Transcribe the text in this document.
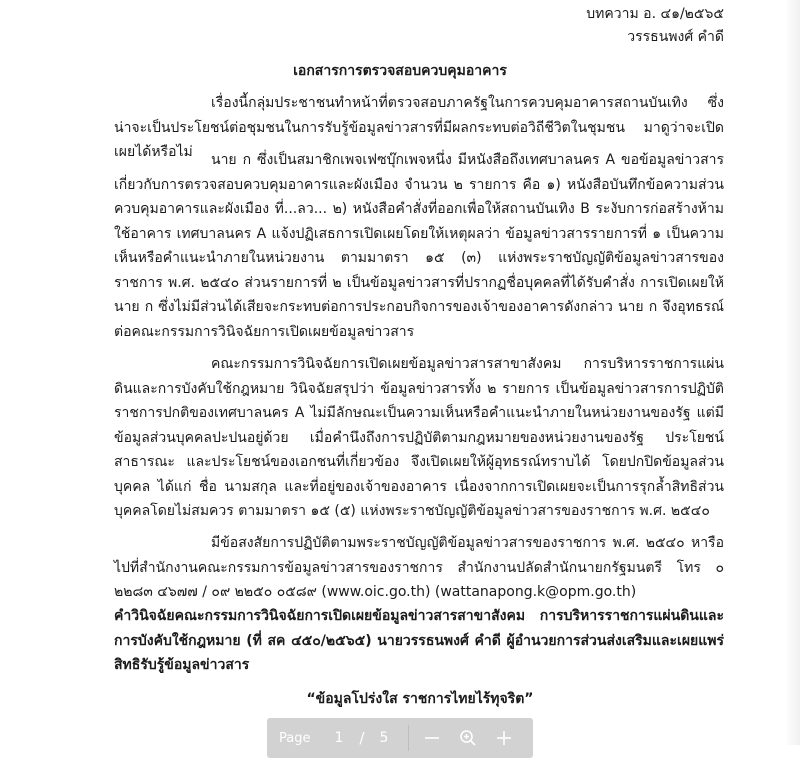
บทความ อ. ๔๑/๒๕๖๕
วรรธนพงศ์ คำดี
เอกสารการตรวจสอบควบคุมอาคาร
เรื่องนี้กลุ่มประชาชนทำหน้าที่ตรวจสอบภาครัฐในการควบคุมอาคารสถานบันเทิง ซึ่งน่าจะเป็นประโยชน์ต่อชุมชนในการรับรู้ข้อมูลข่าวสารที่มีผลกระทบต่อวิถีชีวิตในชุมชน มาดูว่าจะเปิดเผยได้หรือไม่	นาย ก ซึ่งเป็นสมาชิกเพจเฟซบุ๊กเพจหนึ่ง มีหนังสือถึงเทศบาลนคร A ขอข้อมูลข่าวสารเกี่ยวกับการตรวจสอบควบคุมอาคารและผังเมือง จำนวน ๒ รายการ คือ ๑) หนังสือบันทึกข้อความส่วนควบคุมอาคารและผังเมือง ที่...ลว... ๒) หนังสือคำสั่งที่ออกเพื่อให้สถานบันเทิง B ระงับการก่อสร้างห้ามใช้อาคาร เทศบาลนคร A แจ้งปฏิเสธการเปิดเผยโดยให้เหตุผลว่า ข้อมูลข่าวสารรายการที่ ๑ เป็นความเห็นหรือคำแนะนำภายในหน่วยงาน ตามมาตรา ๑๕ (๓) แห่งพระราชบัญญัติข้อมูลข่าวสารของราชการ พ.ศ. ๒๕๔๐ ส่วนรายการที่ ๒ เป็นข้อมูลข่าวสารที่ปรากฏชื่อบุคคลที่ได้รับคำสั่ง การเปิดเผยให้นาย ก ซึ่งไม่มีส่วนได้เสียจะกระทบต่อการประกอบกิจการของเจ้าของอาคารดังกล่าว นาย ก จึงอุทธรณ์ต่อคณะกรรมการวินิจฉัยการเปิดเผยข้อมูลข่าวสาร
คณะกรรมการวินิจฉัยการเปิดเผยข้อมูลข่าวสารสาขาสังคม การบริหารราชการแผ่นดินและการบังคับใช้กฎหมาย วินิจฉัยสรุปว่า ข้อมูลข่าวสารทั้ง ๒ รายการ เป็นข้อมูลข่าวสารการปฏิบัติราชการปกติของเทศบาลนคร A ไม่มีลักษณะเป็นความเห็นหรือคำแนะนำภายในหน่วยงานของรัฐ แต่มีข้อมูลส่วนบุคคลปะปนอยู่ด้วย เมื่อคำนึงถึงการปฏิบัติตามกฎหมายของหน่วยงานของรัฐ ประโยชน์สาธารณะ และประโยชน์ของเอกชนที่เกี่ยวข้อง จึงเปิดเผยให้ผู้อุทธรณ์ทราบได้ โดยปกปิดข้อมูลส่วนบุคคล ได้แก่ ชื่อ นามสกุล และที่อยู่ของเจ้าของอาคาร เนื่องจากการเปิดเผยจะเป็นการรุกล้ำสิทธิส่วนบุคคลโดยไม่สมควร ตามมาตรา ๑๕ (๕) แห่งพระราชบัญญัติข้อมูลข่าวสารของราชการ พ.ศ. ๒๕๔๐
มีข้อสงสัยการปฏิบัติตามพระราชบัญญัติข้อมูลข่าวสารของราชการ พ.ศ. ๒๕๔๐ หารือไปที่สำนักงานคณะกรรมการข้อมูลข่าวสารของราชการ สำนักงานปลัดสำนักนายกรัฐมนตรี โทร ๐ ๒๒๘๓ ๔๖๗๗ / ๐๙ ๒๒๕๐ ๐๕๘๙ (www.oic.go.th) (wattanapong.k@opm.go.th)
คำวินิจฉัยคณะกรรมการวินิจฉัยการเปิดเผยข้อมูลข่าวสารสาขาสังคม การบริหารราชการแผ่นดินและการบังคับใช้กฎหมาย (ที่ สค ๔๕๐/๒๕๖๕) นายวรรธนพงศ์ คำดี ผู้อำนวยการส่วนส่งเสริมและเผยแพร่สิทธิรับรู้ข้อมูลข่าวสาร
“ข้อมูลโปร่งใส ราชการไทยไร้ทุจริต”
Page 1 / 5
